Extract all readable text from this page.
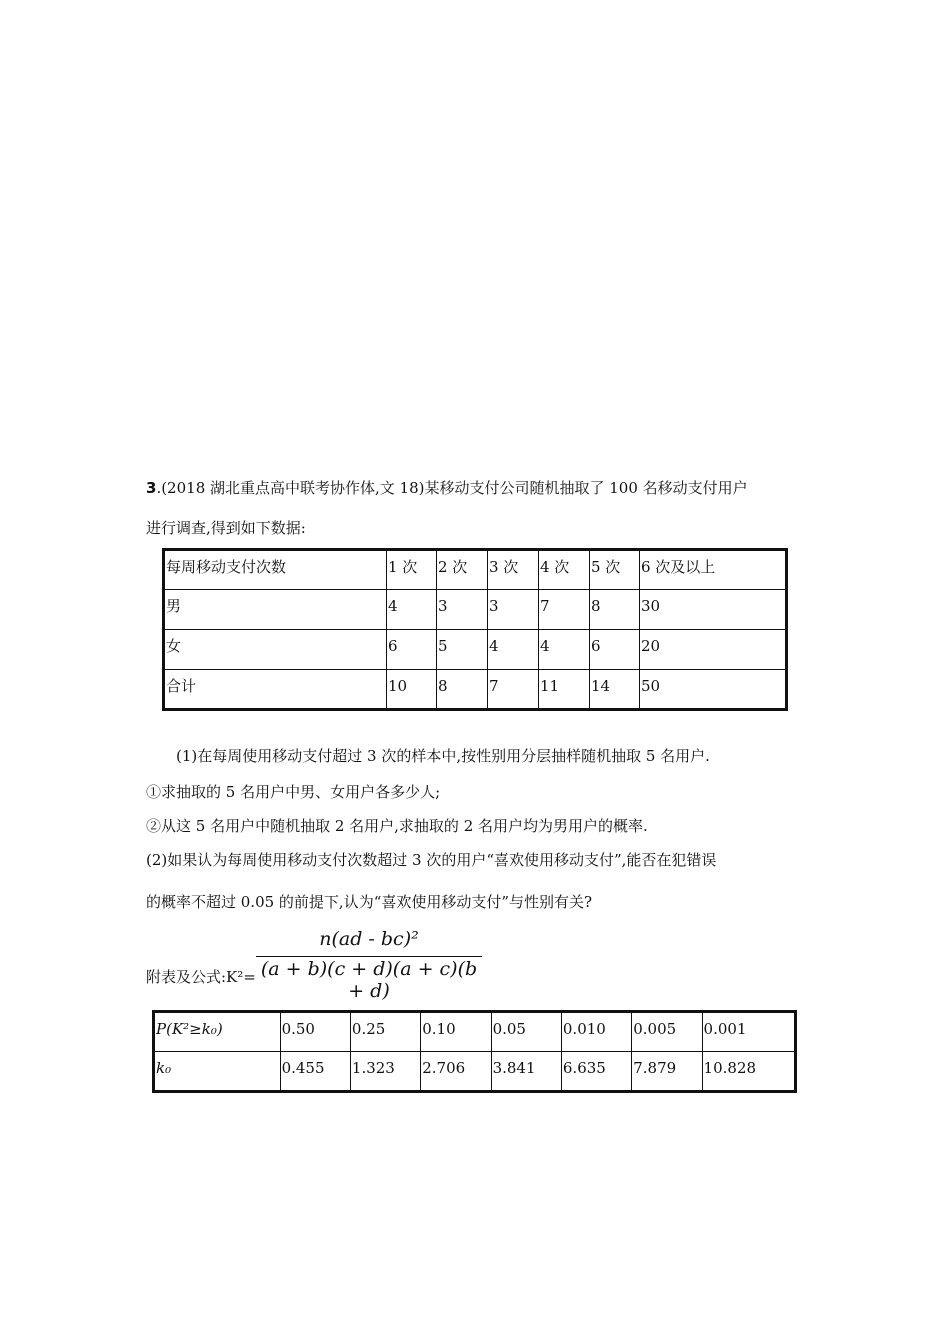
3.(2018 湖北重点高中联考协作体,文 18)某移动支付公司随机抽取了 100 名移动支付用户
进行调查,得到如下数据:
每周移动支付次数	1 次	2 次	3 次	4 次	5 次	6 次及以上
男	4	3	3	7	8	30
女	6	5	4	4	6	20
合计	10	8	7	11	14	50
(1)在每周使用移动支付超过 3 次的样本中,按性别用分层抽样随机抽取 5 名用户.
①求抽取的 5 名用户中男、女用户各多少人;
②从这 5 名用户中随机抽取 2 名用户,求抽取的 2 名用户均为男用户的概率.
(2)如果认为每周使用移动支付次数超过 3 次的用户“喜欢使用移动支付”,能否在犯错误
的概率不超过 0.05 的前提下,认为“喜欢使用移动支付”与性别有关?
附表及公式:K²=
n(ad - bc)²
(a + b)(c + d)(a + c)(b + d)
P(K²≥k₀)	0.50	0.25	0.10	0.05	0.010	0.005	0.001
k₀	0.455	1.323	2.706	3.841	6.635	7.879	10.828
